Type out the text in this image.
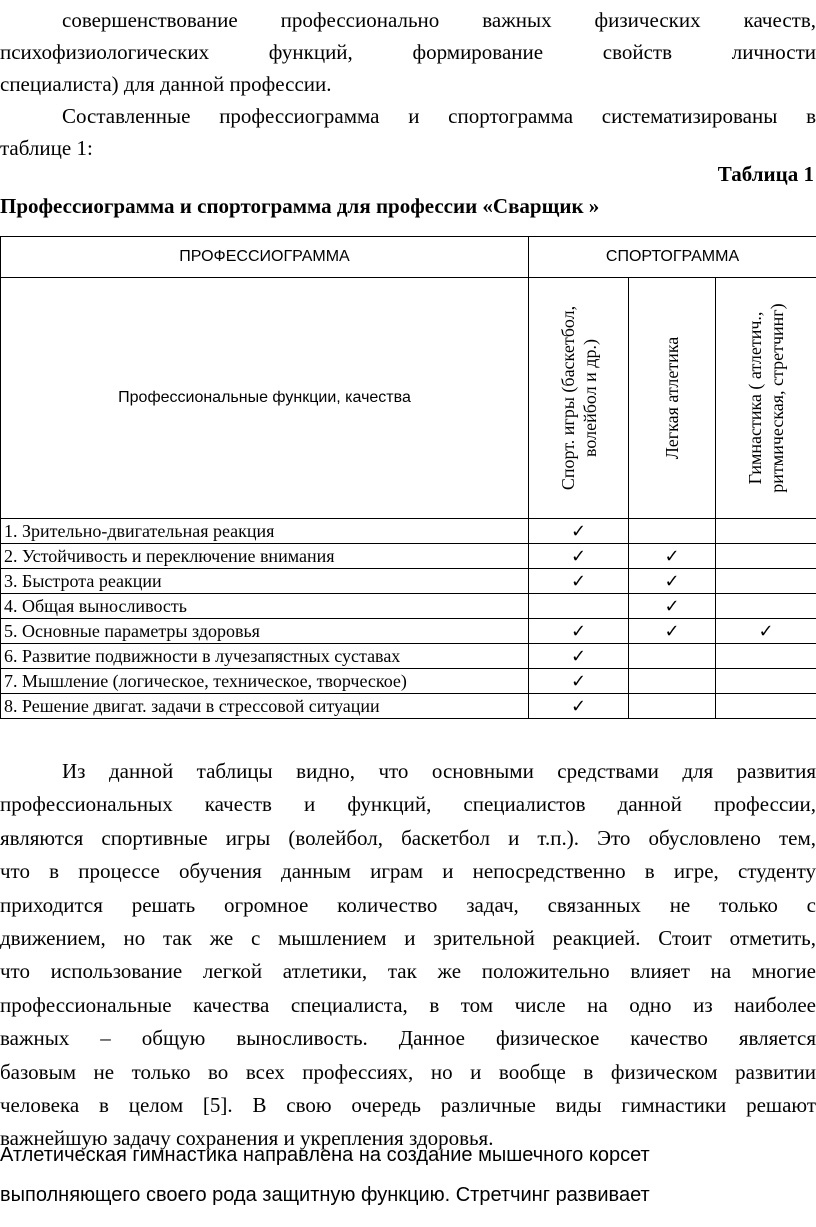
совершенствование профессионально важных физических качеств,

психофизиологических функций, формирование свойств личности

специалиста) для данной профессии.

Составленные профессиограмма и спортограмма систематизированы в

таблице 1:

Таблица 1

Профессиограмма и спортограмма для профессии «Сварщик »

ПРОФЕССИОГРАММА	СПОРТОГРАММА		
Профессиональные функции, качества	Спорт. игры (баскетбол, волейбол и др.)	Легкая атлетика	Гимнастика ( атлетич., ритмическая, стретчинг)

1. Зрительно-двигательная реакция	✓		
2. Устойчивость и переключение внимания	✓	✓	
3. Быстрота реакции	✓	✓	
4. Общая выносливость		✓	
5. Основные параметры здоровья	✓	✓	✓
6. Развитие подвижности в лучезапястных суставах	✓		
7. Мышление (логическое, техническое, творческое)	✓		
8. Решение двигат. задачи в стрессовой ситуации	✓		

Из данной таблицы видно, что основными средствами для развития

профессиональных качеств и функций, специалистов данной профессии,

являются спортивные игры (волейбол, баскетбол и т.п.). Это обусловлено тем,

что в процессе обучения данным играм и непосредственно в игре, студенту

приходится решать огромное количество задач, связанных не только с

движением, но так же с мышлением и зрительной реакцией. Стоит отметить,

что использование легкой атлетики, так же положительно влияет на многие

профессиональные качества специалиста, в том числе на одно из наиболее

важных – общую выносливость. Данное физическое качество является

базовым не только во всех профессиях, но и вообще в физическом развитии

человека в целом [5]. В свою очередь различные виды гимнастики решают

важнейшую задачу сохранения и укрепления здоровья.

Атлетическая гимнастика направлена на создание мышечного корсет

выполняющего своего рода защитную функцию. Стретчинг развивает
